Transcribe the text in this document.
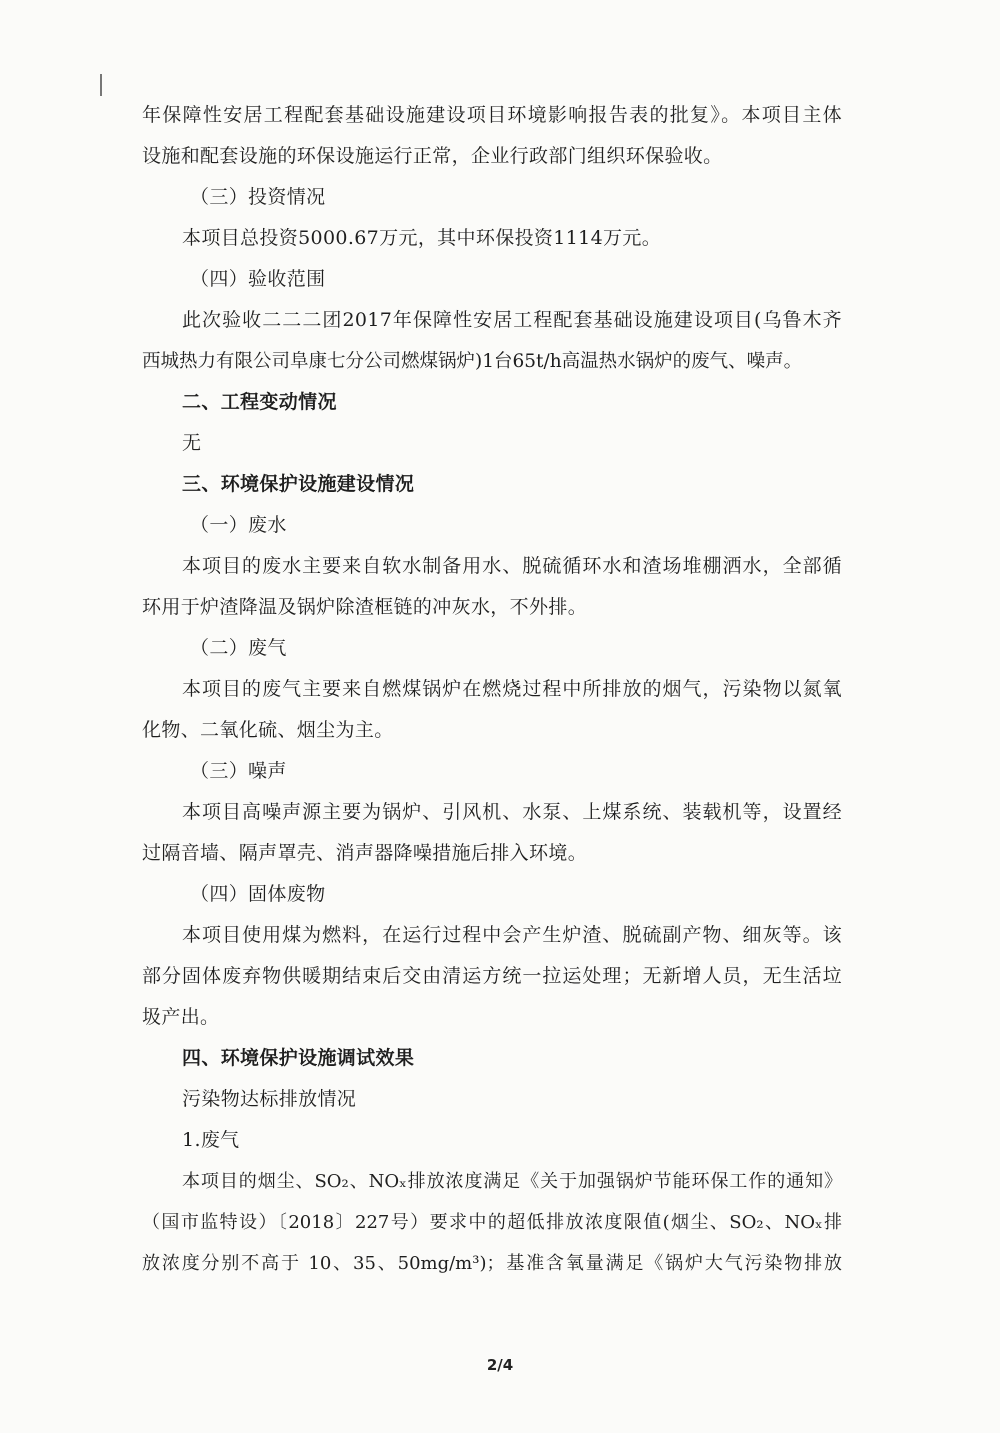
年保障性安居工程配套基础设施建设项目环境影响报告表的批复》。本项目主体
设施和配套设施的环保设施运行正常，企业行政部门组织环保验收。
（三）投资情况
本项目总投资5000.67万元，其中环保投资1114万元。
（四）验收范围
此次验收二二二团2017年保障性安居工程配套基础设施建设项目(乌鲁木齐
西城热力有限公司阜康七分公司燃煤锅炉)1台65t/h高温热水锅炉的废气、噪声。
二、工程变动情况
无
三、环境保护设施建设情况
（一）废水
本项目的废水主要来自软水制备用水、脱硫循环水和渣场堆棚洒水，全部循
环用于炉渣降温及锅炉除渣框链的冲灰水，不外排。
（二）废气
本项目的废气主要来自燃煤锅炉在燃烧过程中所排放的烟气，污染物以氮氧
化物、二氧化硫、烟尘为主。
（三）噪声
本项目高噪声源主要为锅炉、引风机、水泵、上煤系统、装载机等，设置经
过隔音墙、隔声罩壳、消声器降噪措施后排入环境。
（四）固体废物
本项目使用煤为燃料，在运行过程中会产生炉渣、脱硫副产物、细灰等。该
部分固体废弃物供暖期结束后交由清运方统一拉运处理；无新增人员，无生活垃
圾产出。
四、环境保护设施调试效果
污染物达标排放情况
1.废气
本项目的烟尘、SO₂、NOₓ排放浓度满足《关于加强锅炉节能环保工作的通知》
（国市监特设）〔2018〕227号）要求中的超低排放浓度限值(烟尘、SO₂、NOₓ排
放浓度分别不高于 10、35、50mg/m³)；基准含氧量满足《锅炉大气污染物排放
2/4
